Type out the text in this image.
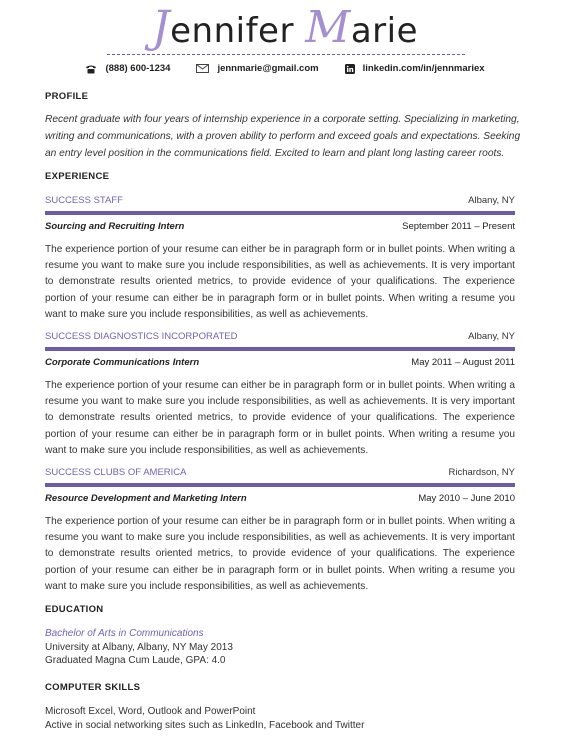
Jennifer Marie
(888) 600-1234	jennmarie@gmail.com	linkedin.com/in/jennmariex
PROFILE
Recent graduate with four years of internship experience in a corporate setting. Specializing in marketing, writing and communications, with a proven ability to perform and exceed goals and expectations. Seeking an entry level position in the communications field. Excited to learn and plant long lasting career roots.
EXPERIENCE
SUCCESS STAFF	Albany, NY
Sourcing and Recruiting Intern	September 2011 – Present
The experience portion of your resume can either be in paragraph form or in bullet points. When writing a resume you want to make sure you include responsibilities, as well as achievements. It is very important to demonstrate results oriented metrics, to provide evidence of your qualifications. The experience portion of your resume can either be in paragraph form or in bullet points. When writing a resume you want to make sure you include responsibilities, as well as achievements.
SUCCESS DIAGNOSTICS INCORPORATED	Albany, NY
Corporate Communications Intern	May 2011 – August 2011
The experience portion of your resume can either be in paragraph form or in bullet points. When writing a resume you want to make sure you include responsibilities, as well as achievements. It is very important to demonstrate results oriented metrics, to provide evidence of your qualifications. The experience portion of your resume can either be in paragraph form or in bullet points. When writing a resume you want to make sure you include responsibilities, as well as achievements.
SUCCESS CLUBS OF AMERICA	Richardson, NY
Resource Development and Marketing Intern	May 2010 – June 2010
The experience portion of your resume can either be in paragraph form or in bullet points. When writing a resume you want to make sure you include responsibilities, as well as achievements. It is very important to demonstrate results oriented metrics, to provide evidence of your qualifications. The experience portion of your resume can either be in paragraph form or in bullet points. When writing a resume you want to make sure you include responsibilities, as well as achievements.
EDUCATION
Bachelor of Arts in Communications
University at Albany, Albany, NY May 2013
Graduated Magna Cum Laude, GPA: 4.0
COMPUTER SKILLS
Microsoft Excel, Word, Outlook and PowerPoint
Active in social networking sites such as LinkedIn, Facebook and Twitter
